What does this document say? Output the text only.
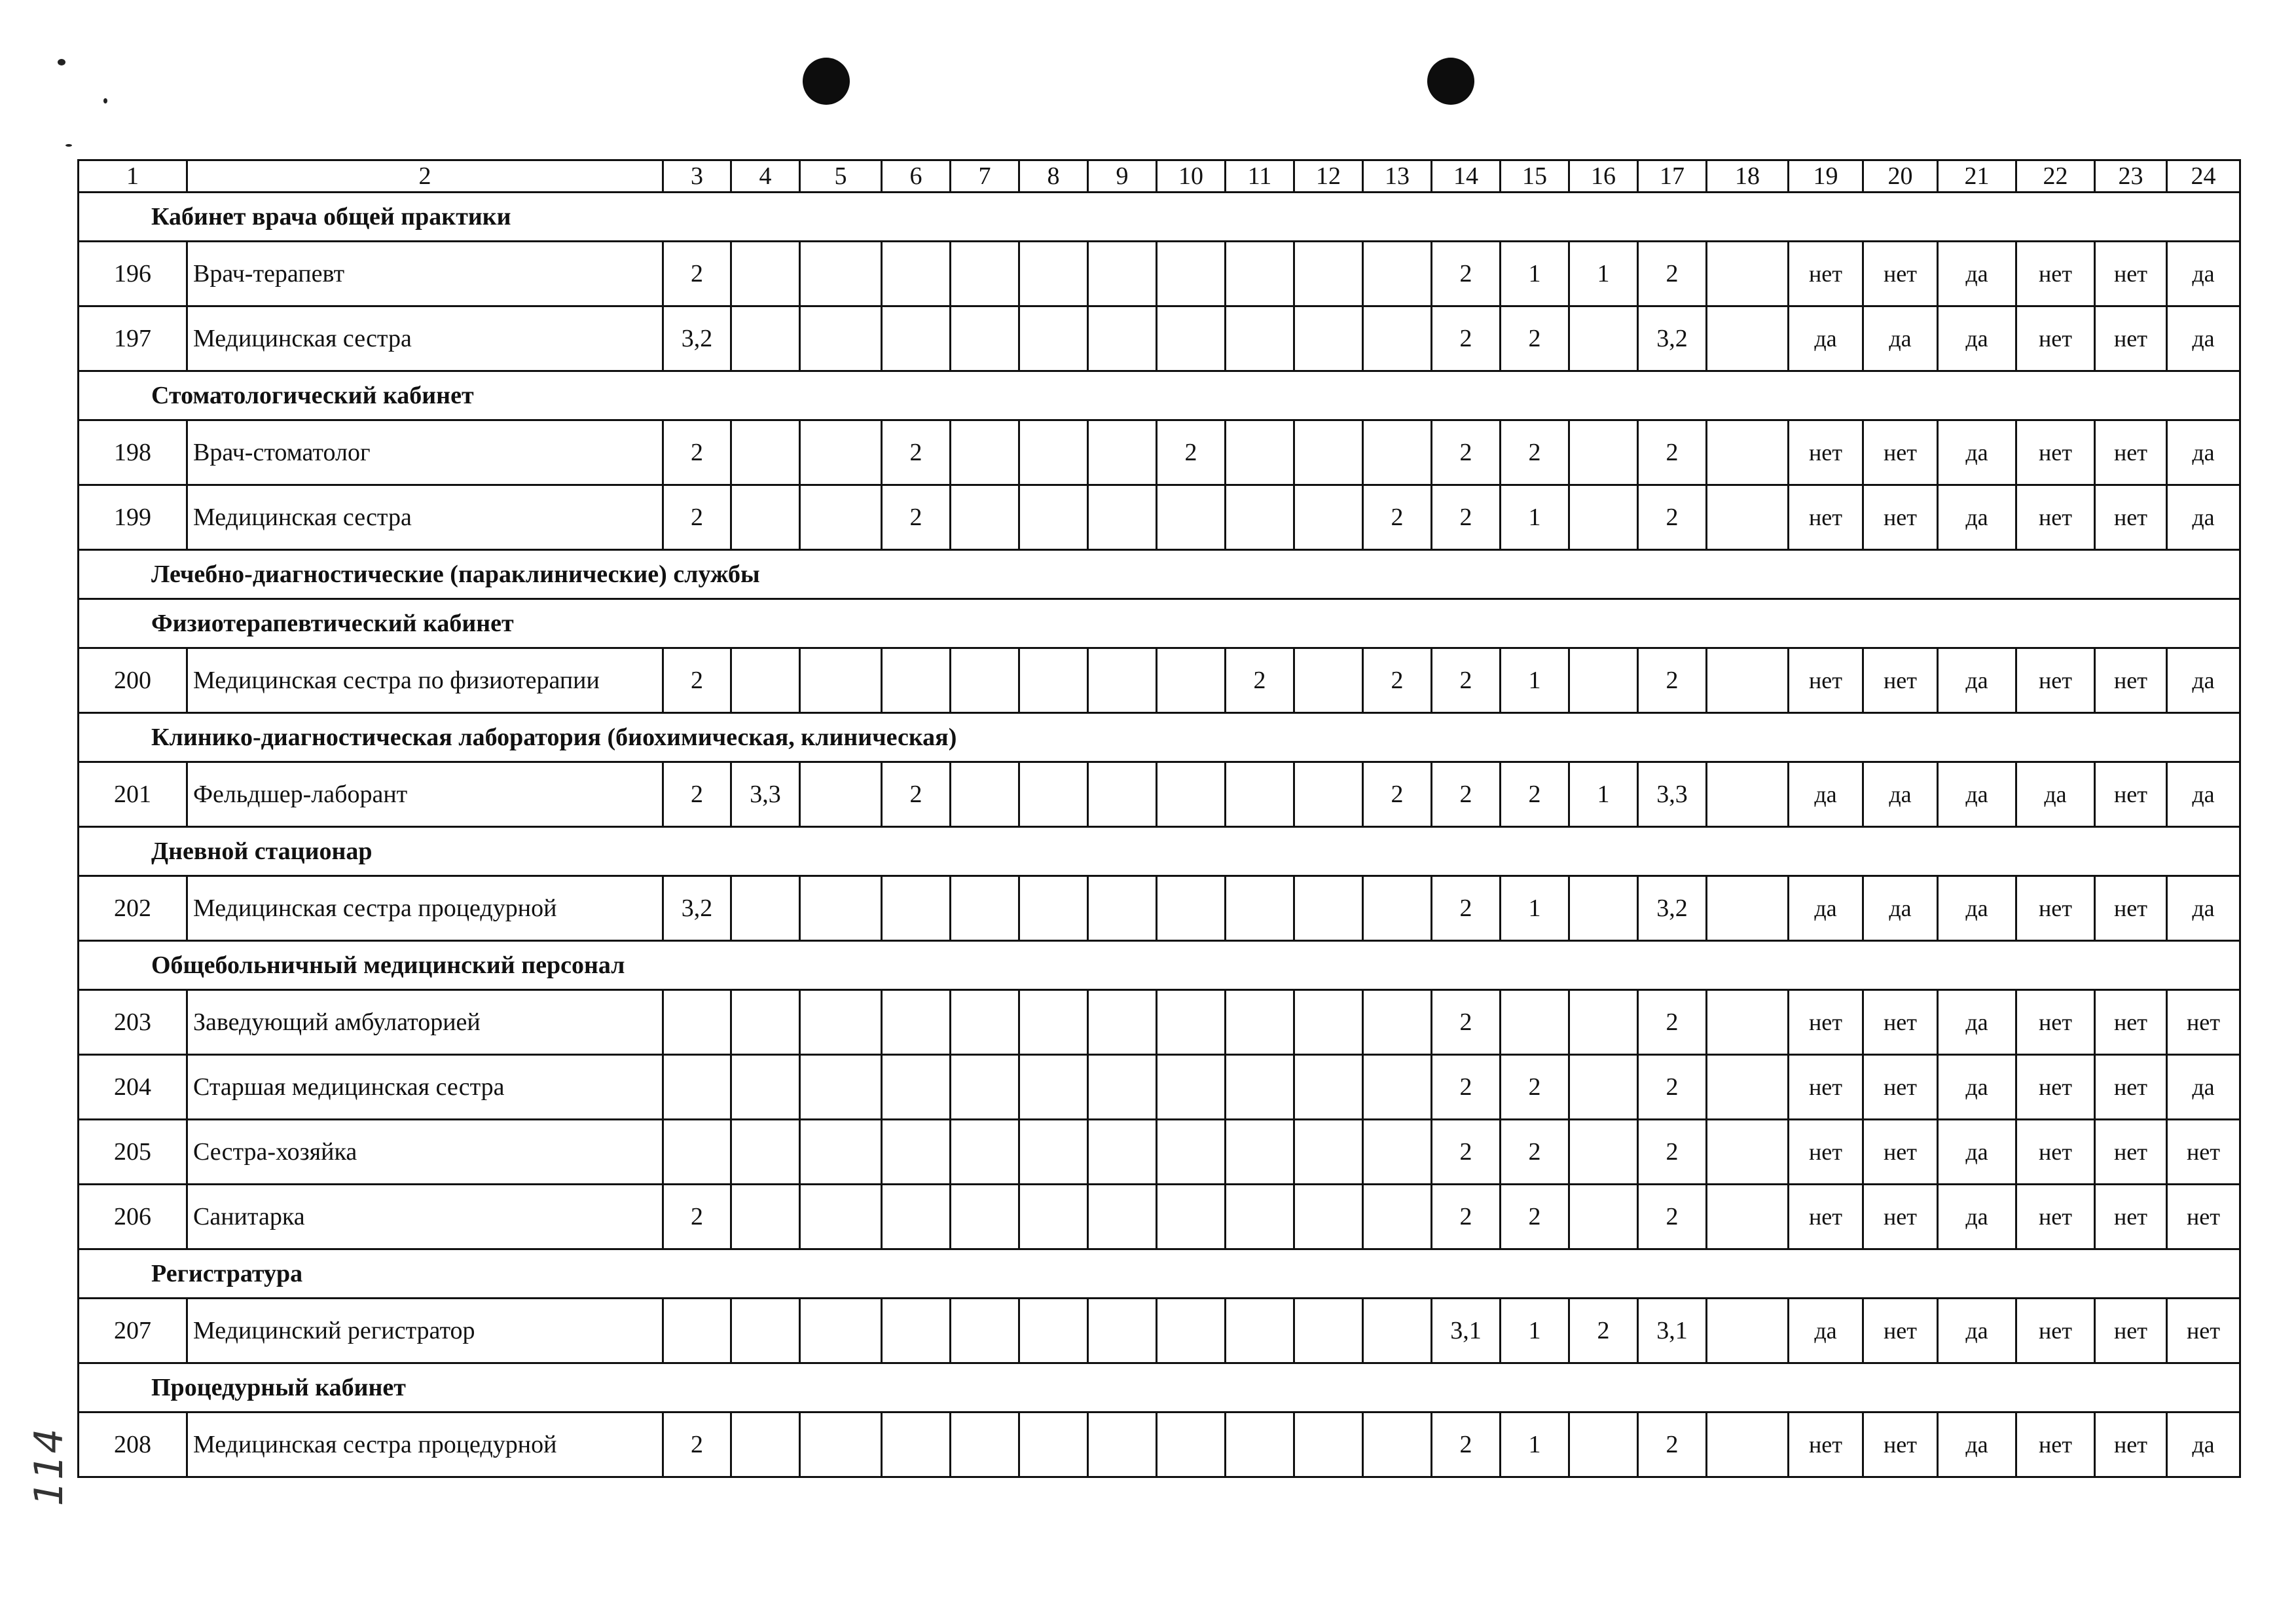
114
1	2	3	4	5	6	7	8	9	10	11	12	13	14	15	16	17	18	19	20	21	22	23	24
Кабинет врача общей практики																							
196	Врач-терапевт	2											2	1	1	2		нет	нет	да	нет	нет	да
197	Медицинская сестра	3,2											2	2		3,2		да	да	да	нет	нет	да
Стоматологический кабинет																							
198	Врач-стоматолог	2			2				2				2	2		2		нет	нет	да	нет	нет	да
199	Медицинская сестра	2			2							2	2	1		2		нет	нет	да	нет	нет	да
Лечебно-диагностические (параклинические) службы																							
Физиотерапевтический кабинет																							
200	Медицинская сестра по физиотерапии	2								2		2	2	1		2		нет	нет	да	нет	нет	да
Клинико-диагностическая лаборатория (биохимическая, клиническая)																							
201	Фельдшер-лаборант	2	3,3		2							2	2	2	1	3,3		да	да	да	да	нет	да
Дневной стационар																							
202	Медицинская сестра процедурной	3,2											2	1		3,2		да	да	да	нет	нет	да
Общебольничный медицинский персонал																							
203	Заведующий амбулаторией												2			2		нет	нет	да	нет	нет	нет
204	Старшая медицинская сестра												2	2		2		нет	нет	да	нет	нет	да
205	Сестра-хозяйка												2	2		2		нет	нет	да	нет	нет	нет
206	Санитарка	2											2	2		2		нет	нет	да	нет	нет	нет
Регистратура																							
207	Медицинский регистратор												3,1	1	2	3,1		да	нет	да	нет	нет	нет
Процедурный кабинет																							
208	Медицинская сестра процедурной	2											2	1		2		нет	нет	да	нет	нет	да
